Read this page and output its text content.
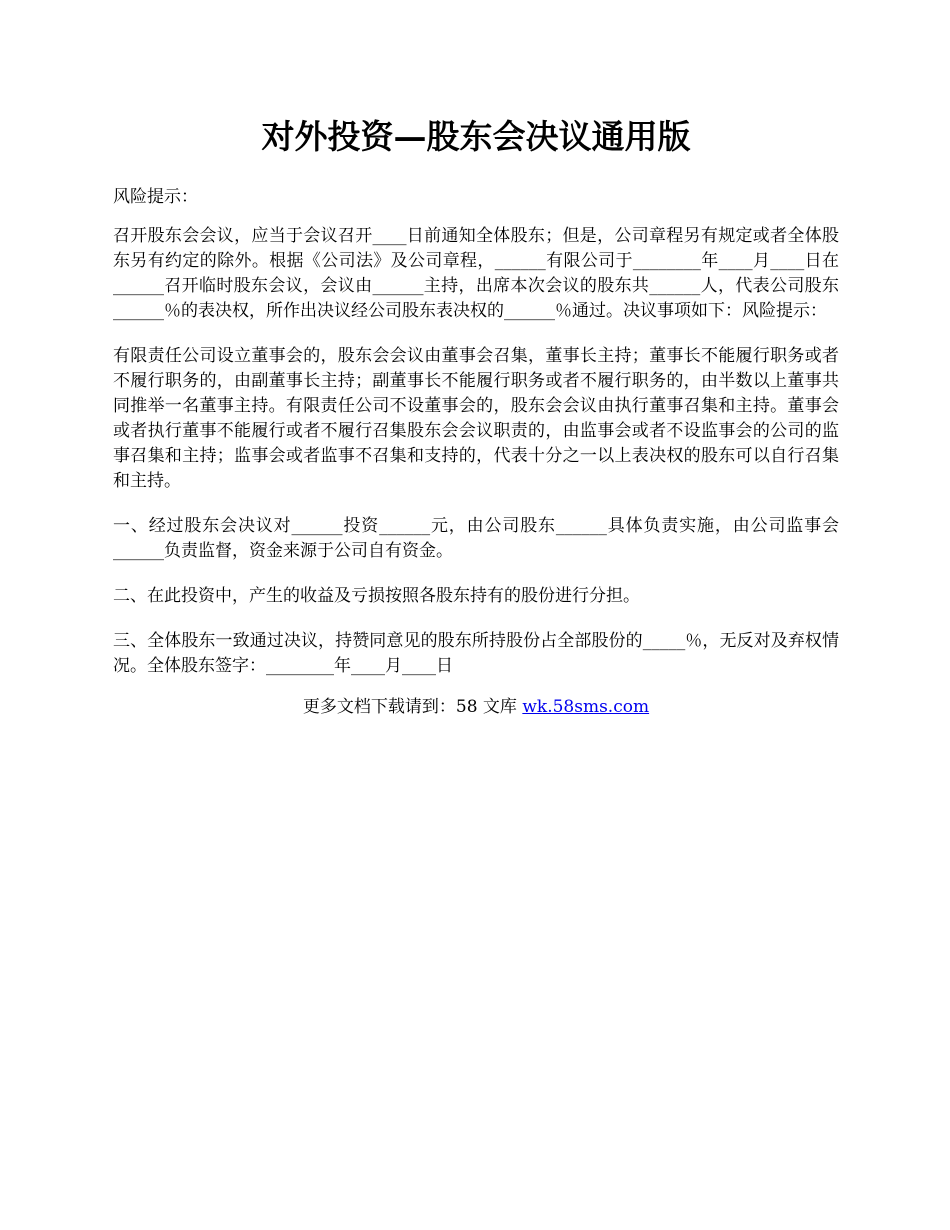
对外投资—股东会决议通用版

风险提示：

召开股东会会议，应当于会议召开____日前通知全体股东；但是，公司章程另有规定或者全体股东另有约定的除外。根据《公司法》及公司章程，______有限公司于________年____月____日在______召开临时股东会议，会议由______主持，出席本次会议的股东共______人，代表公司股东______％的表决权，所作出决议经公司股东表决权的______％通过。决议事项如下：风险提示：

有限责任公司设立董事会的，股东会会议由董事会召集，董事长主持；董事长不能履行职务或者不履行职务的，由副董事长主持；副董事长不能履行职务或者不履行职务的，由半数以上董事共同推举一名董事主持。有限责任公司不设董事会的，股东会会议由执行董事召集和主持。董事会或者执行董事不能履行或者不履行召集股东会会议职责的，由监事会或者不设监事会的公司的监事召集和主持；监事会或者监事不召集和支持的，代表十分之一以上表决权的股东可以自行召集和主持。

一、经过股东会决议对______投资______元，由公司股东______具体负责实施，由公司监事会______负责监督，资金来源于公司自有资金。

二、在此投资中，产生的收益及亏损按照各股东持有的股份进行分担。

三、全体股东一致通过决议，持赞同意见的股东所持股份占全部股份的_____％，无反对及弃权情况。全体股东签字：________年____月____日

更多文档下载请到：58 文库 wk.58sms.com
